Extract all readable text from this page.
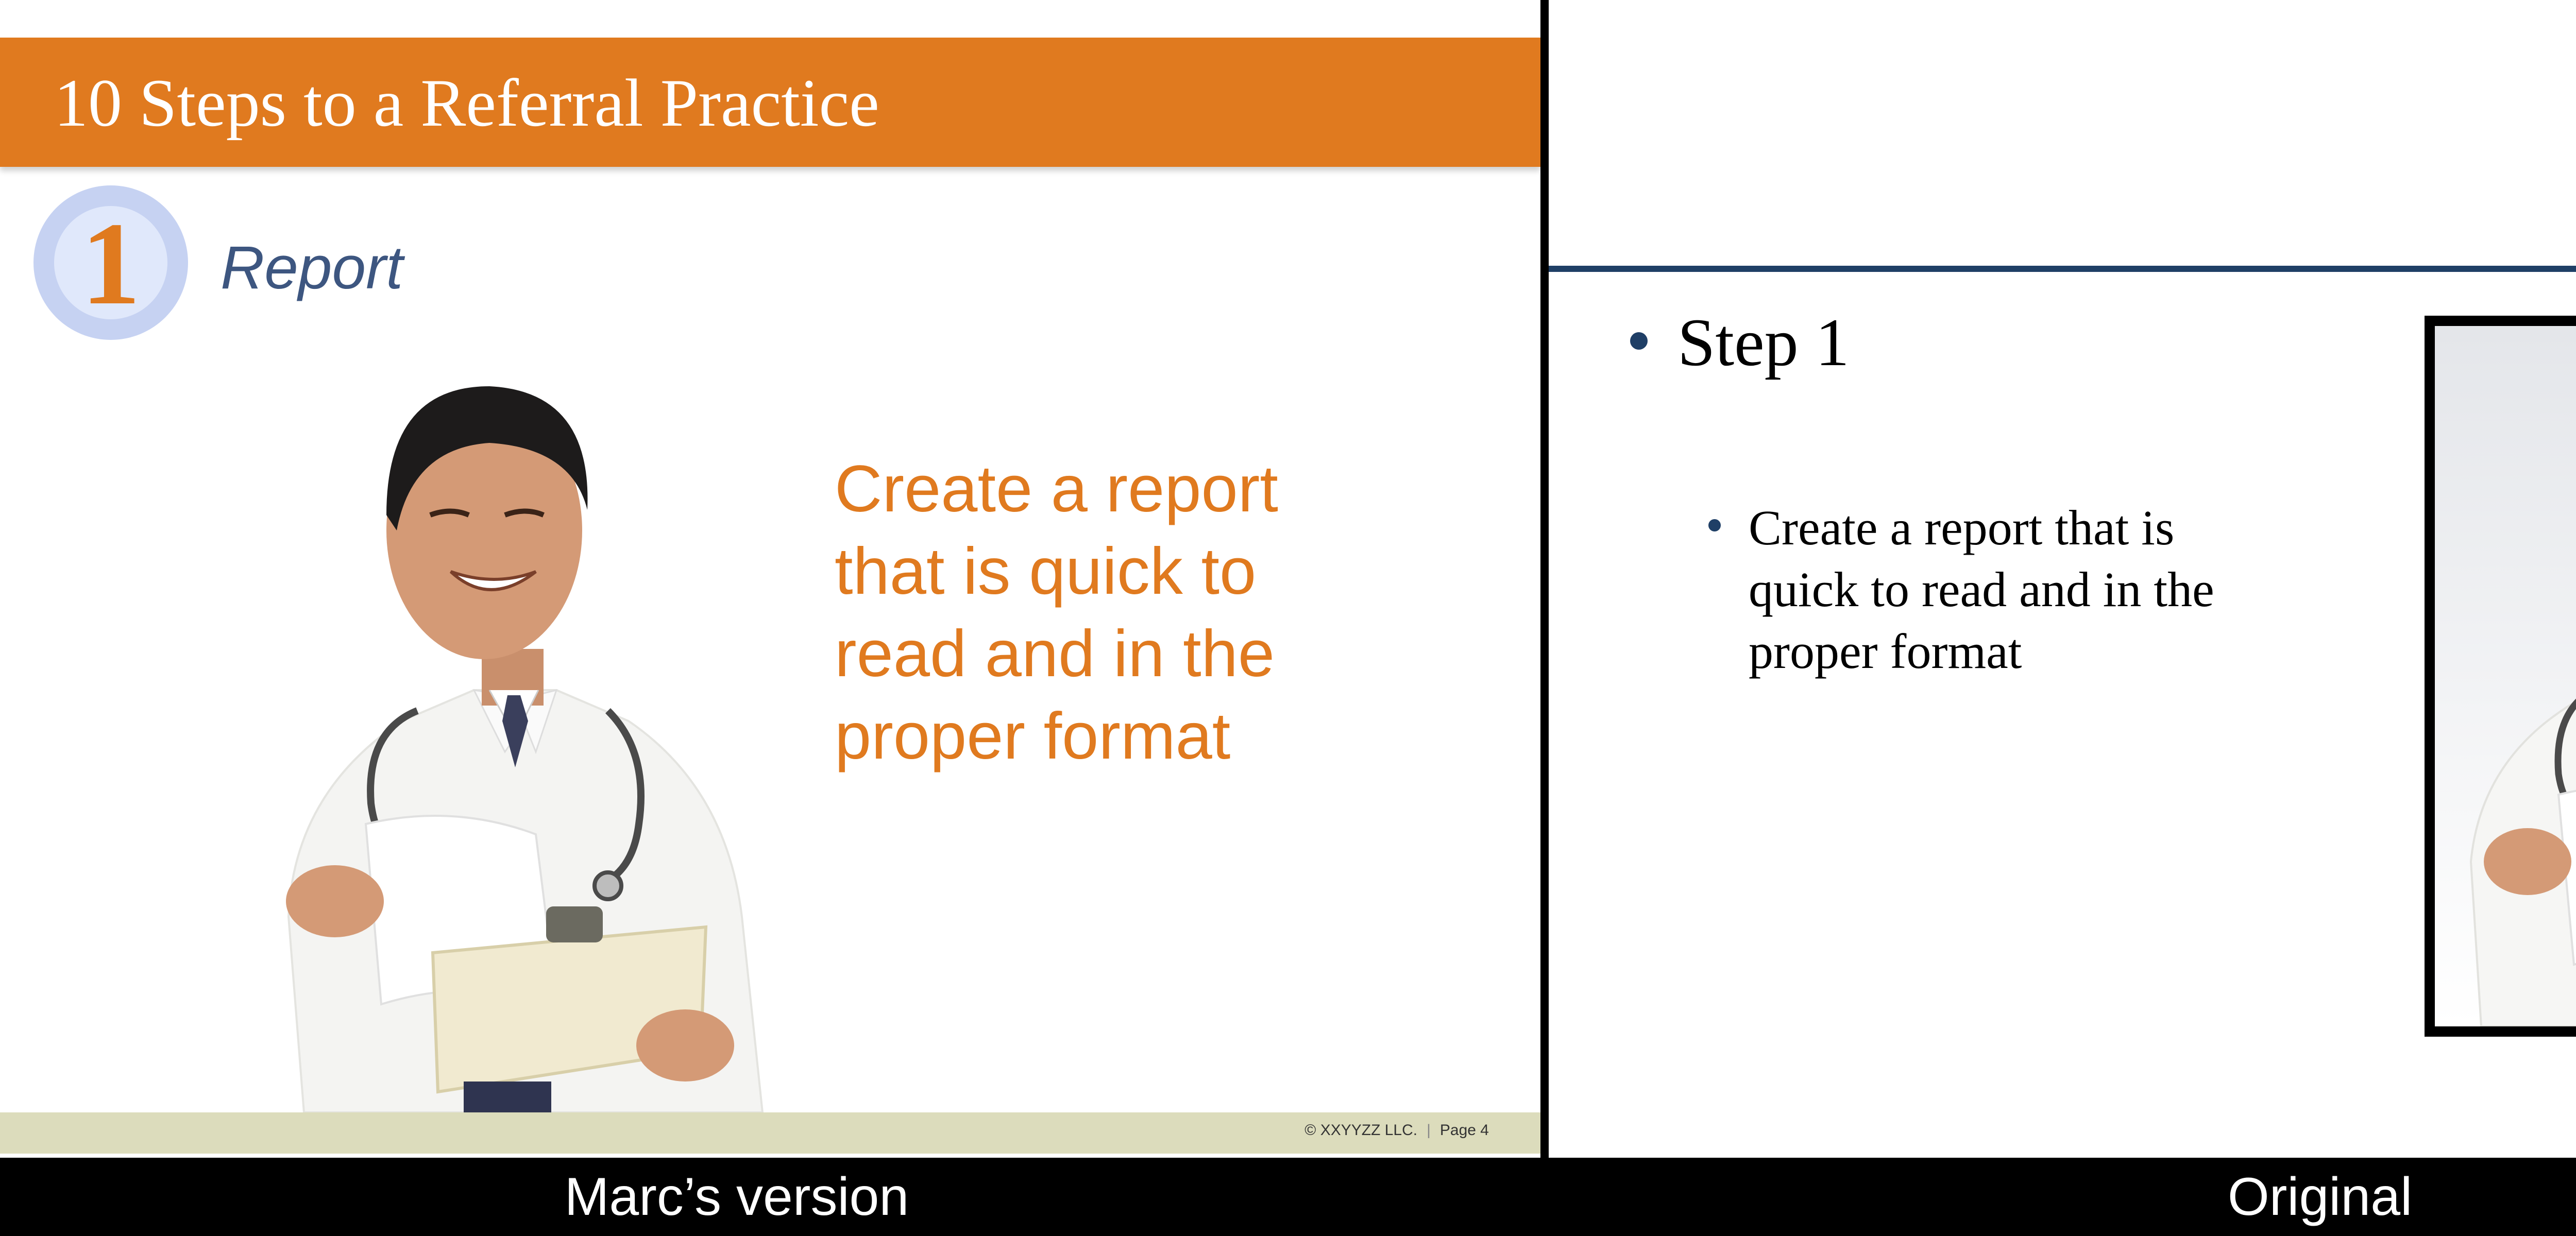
10 Steps to a Referral Practice
1	Report
Create a report
that is quick to
read and in the
proper format
© XXYYZZ LLC. | Page 4
Step 1
Create a report that is
quick to read and in the
proper format
Marc’s version	Original
